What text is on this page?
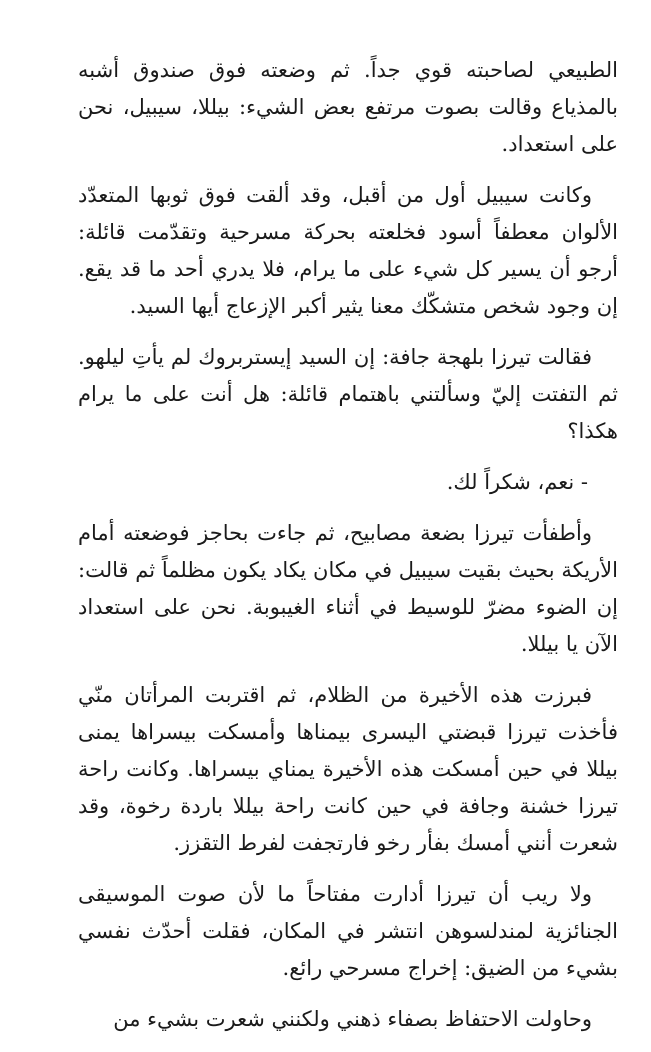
الطبيعي لصاحبته قوي جداً. ثم وضعته فوق صندوق أشبه بالمذياع وقالت بصوت مرتفع بعض الشيء: بيللا، سيبيل، نحن على استعداد.

وكانت سيبيل أول من أقبل، وقد ألقت فوق ثوبها المتعدّد الألوان معطفاً أسود فخلعته بحركة مسرحية وتقدّمت قائلة: أرجو أن يسير كل شيء على ما يرام، فلا يدري أحد ما قد يقع. إن وجود شخص متشكّك معنا يثير أكبر الإزعاج أيها السيد.

فقالت تيرزا بلهجة جافة: إن السيد إيستربروك لم يأتِ ليلهو. ثم التفتت إليّ وسألتني باهتمام قائلة: هل أنت على ما يرام هكذا؟

- نعم، شكراً لك.

وأطفأت تيرزا بضعة مصابيح، ثم جاءت بحاجز فوضعته أمام الأريكة بحيث بقيت سيبيل في مكان يكاد يكون مظلماً ثم قالت: إن الضوء مضرّ للوسيط في أثناء الغيبوبة. نحن على استعداد الآن يا بيللا.

فبرزت هذه الأخيرة من الظلام، ثم اقتربت المرأتان منّي فأخذت تيرزا قبضتي اليسرى بيمناها وأمسكت بيسراها يمنى بيللا في حين أمسكت هذه الأخيرة يمناي بيسراها. وكانت راحة تيرزا خشنة وجافة في حين كانت راحة بيللا باردة رخوة، وقد شعرت أنني أمسك بفأر رخو فارتجفت لفرط التقزز.

ولا ريب أن تيرزا أدارت مفتاحاً ما لأن صوت الموسيقى الجنائزية لمندلسوهن انتشر في المكان، فقلت أحدّث نفسي بشيء من الضيق: إخراج مسرحي رائع.

وحاولت الاحتفاظ بصفاء ذهني ولكنني شعرت بشيء من
